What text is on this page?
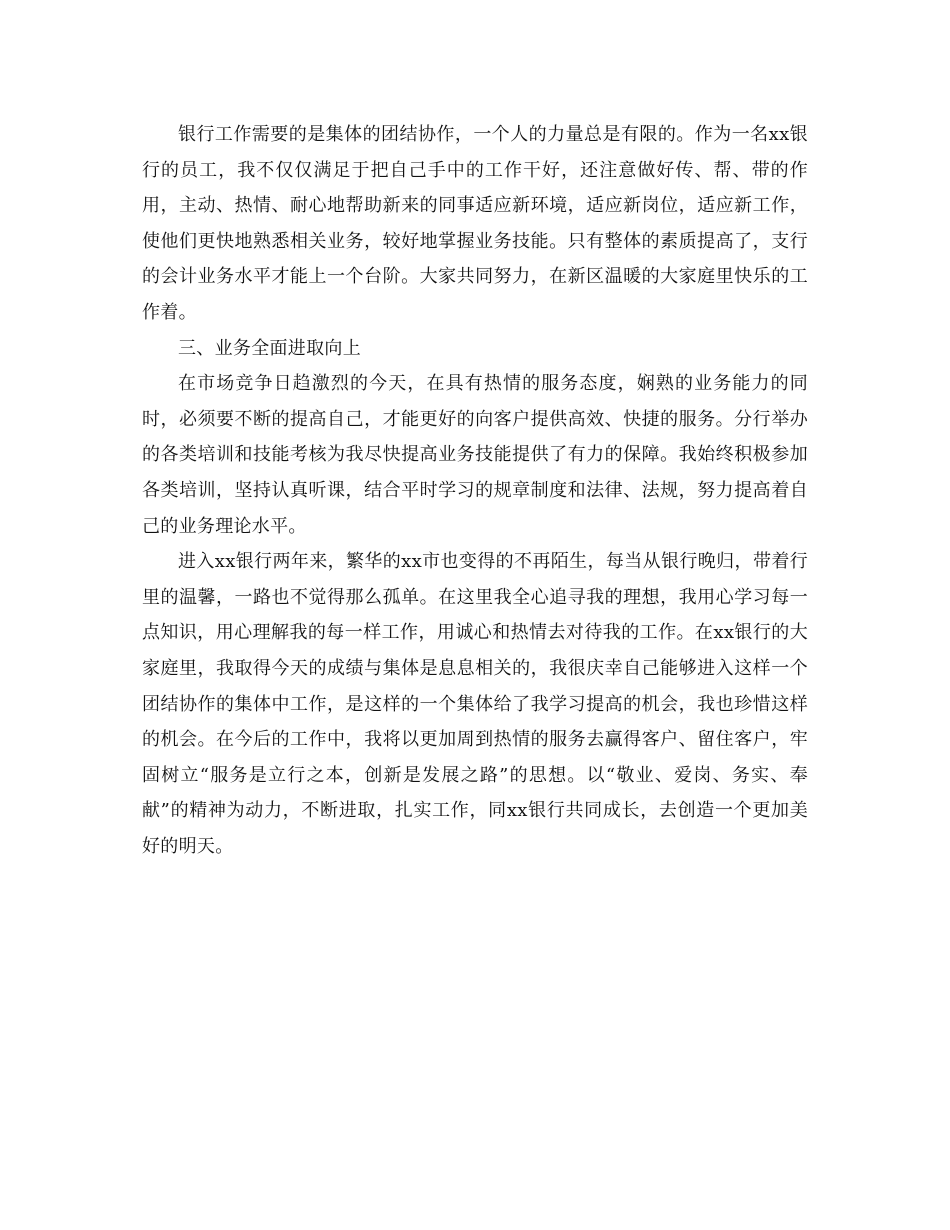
银行工作需要的是集体的团结协作，一个人的力量总是有限的。作为一名xx银行的员工，我不仅仅满足于把自己手中的工作干好，还注意做好传、帮、带的作用，主动、热情、耐心地帮助新来的同事适应新环境，适应新岗位，适应新工作，使他们更快地熟悉相关业务，较好地掌握业务技能。只有整体的素质提高了，支行的会计业务水平才能上一个台阶。大家共同努力，在新区温暖的大家庭里快乐的工作着。

三、业务全面进取向上

在市场竞争日趋激烈的今天，在具有热情的服务态度，娴熟的业务能力的同时，必须要不断的提高自己，才能更好的向客户提供高效、快捷的服务。分行举办的各类培训和技能考核为我尽快提高业务技能提供了有力的保障。我始终积极参加各类培训，坚持认真听课，结合平时学习的规章制度和法律、法规，努力提高着自己的业务理论水平。

进入xx银行两年来，繁华的xx市也变得的不再陌生，每当从银行晚归，带着行里的温馨，一路也不觉得那么孤单。在这里我全心追寻我的理想，我用心学习每一点知识，用心理解我的每一样工作，用诚心和热情去对待我的工作。在xx银行的大家庭里，我取得今天的成绩与集体是息息相关的，我很庆幸自己能够进入这样一个团结协作的集体中工作，是这样的一个集体给了我学习提高的机会，我也珍惜这样的机会。在今后的工作中，我将以更加周到热情的服务去赢得客户、留住客户，牢固树立“服务是立行之本，创新是发展之路”的思想。以“敬业、爱岗、务实、奉献”的精神为动力，不断进取，扎实工作，同xx银行共同成长，去创造一个更加美好的明天。
